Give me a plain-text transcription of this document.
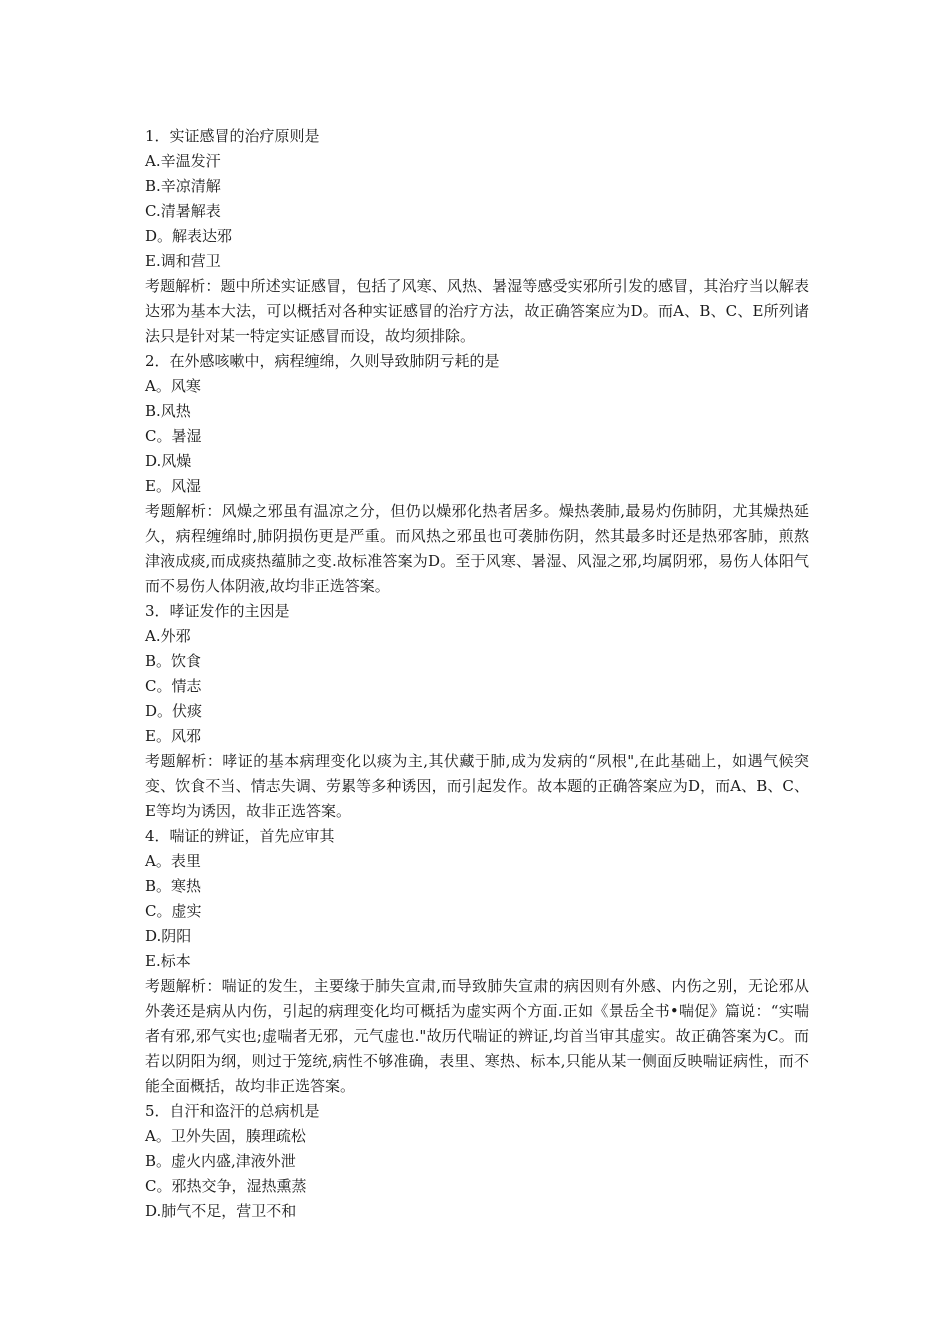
1．实证感冒的治疗原则是
A.辛温发汗
B.辛凉清解
C.清暑解表
D。解表达邪
E.调和营卫
考题解析：题中所述实证感冒，包括了风寒、风热、暑湿等感受实邪所引发的感冒，其治疗当以解表达邪为基本大法，可以概括对各种实证感冒的治疗方法，故正确答案应为D。而A、B、C、E所列诸法只是针对某一特定实证感冒而设，故均须排除。
2．在外感咳嗽中，病程缠绵，久则导致肺阴亏耗的是
A。风寒
B.风热
C。暑湿
D.风燥
E。风湿
考题解析：风燥之邪虽有温凉之分，但仍以燥邪化热者居多。燥热袭肺,最易灼伤肺阴，尤其燥热延久，病程缠绵时,肺阴损伤更是严重。而风热之邪虽也可袭肺伤阴，然其最多时还是热邪客肺，煎熬津液成痰,而成痰热蕴肺之变.故标准答案为D。至于风寒、暑湿、风湿之邪,均属阴邪，易伤人体阳气而不易伤人体阴液,故均非正选答案。
3．哮证发作的主因是
A.外邪
B。饮食
C。情志
D。伏痰
E。风邪
考题解析：哮证的基本病理变化以痰为主,其伏藏于肺,成为发病的“夙根",在此基础上，如遇气候突变、饮食不当、情志失调、劳累等多种诱因，而引起发作。故本题的正确答案应为D，而A、B、C、E等均为诱因，故非正选答案。
4．喘证的辨证，首先应审其
A。表里
B。寒热
C。虚实
D.阴阳
E.标本
考题解析：喘证的发生，主要缘于肺失宣肃,而导致肺失宣肃的病因则有外感、内伤之别，无论邪从外袭还是病从内伤，引起的病理变化均可概括为虚实两个方面.正如《景岳全书•喘促》篇说：“实喘者有邪,邪气实也;虚喘者无邪，元气虚也."故历代喘证的辨证,均首当审其虚实。故正确答案为C。而若以阴阳为纲，则过于笼统,病性不够准确，表里、寒热、标本,只能从某一侧面反映喘证病性，而不能全面概括，故均非正选答案。
5．自汗和盗汗的总病机是
A。卫外失固，腠理疏松
B。虚火内盛,津液外泄
C。邪热交争，湿热熏蒸
D.肺气不足，营卫不和
